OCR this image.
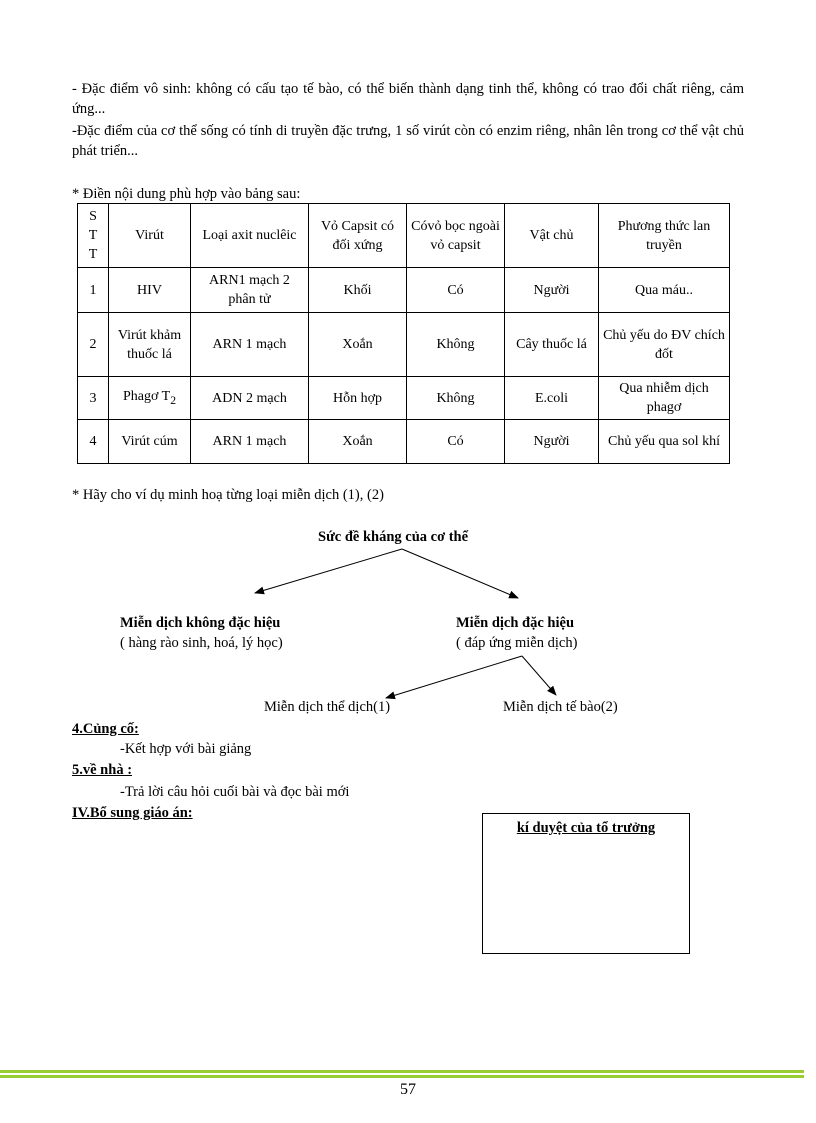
- Đặc điểm vô sinh: không có cấu tạo tế bào, có thể biến thành dạng tinh thể, không có trao đổi chất riêng, cảm ứng...
-Đặc điểm của cơ thể sống có tính di truyền đặc trưng, 1 số virút còn có enzim riêng, nhân lên trong cơ thể vật chủ phát triển...
* Điền nội dung phù hợp vào bảng sau:
S T T	Virút	Loại axit nuclêic	Vỏ Capsit có đối xứng	Cóvỏ bọc ngoài vỏ capsit	Vật chủ	Phương thức lan truyền
1	HIV	ARN1 mạch 2 phân tử	Khối	Có	Người	Qua máu..
2	Virút khảm thuốc lá	ARN 1 mạch	Xoắn	Không	Cây thuốc lá	Chủ yếu do ĐV chích đốt
3	Phagơ $T_2$	ADN 2 mạch	Hỗn hợp	Không	E.coli	Qua nhiễm dịch phagơ
4	Virút cúm	ARN 1 mạch	Xoắn	Có	Người	Chủ yếu qua sol khí
* Hãy cho ví dụ minh hoạ từng loại miễn dịch (1), (2)
Sức đề kháng của cơ thể
Miễn dịch không đặc hiệu
( hàng rào sinh, hoá, lý học)
Miễn dịch đặc hiệu
( đáp ứng miễn dịch)
Miễn dịch thể dịch(1)	Miễn dịch tế bào(2)
4.Củng cố:
-Kết hợp với bài giảng
5.về nhà :
-Trả lời câu hỏi cuối bài và đọc bài mới
IV.Bổ sung giáo án:
kí duyệt của tổ trưởng
57
